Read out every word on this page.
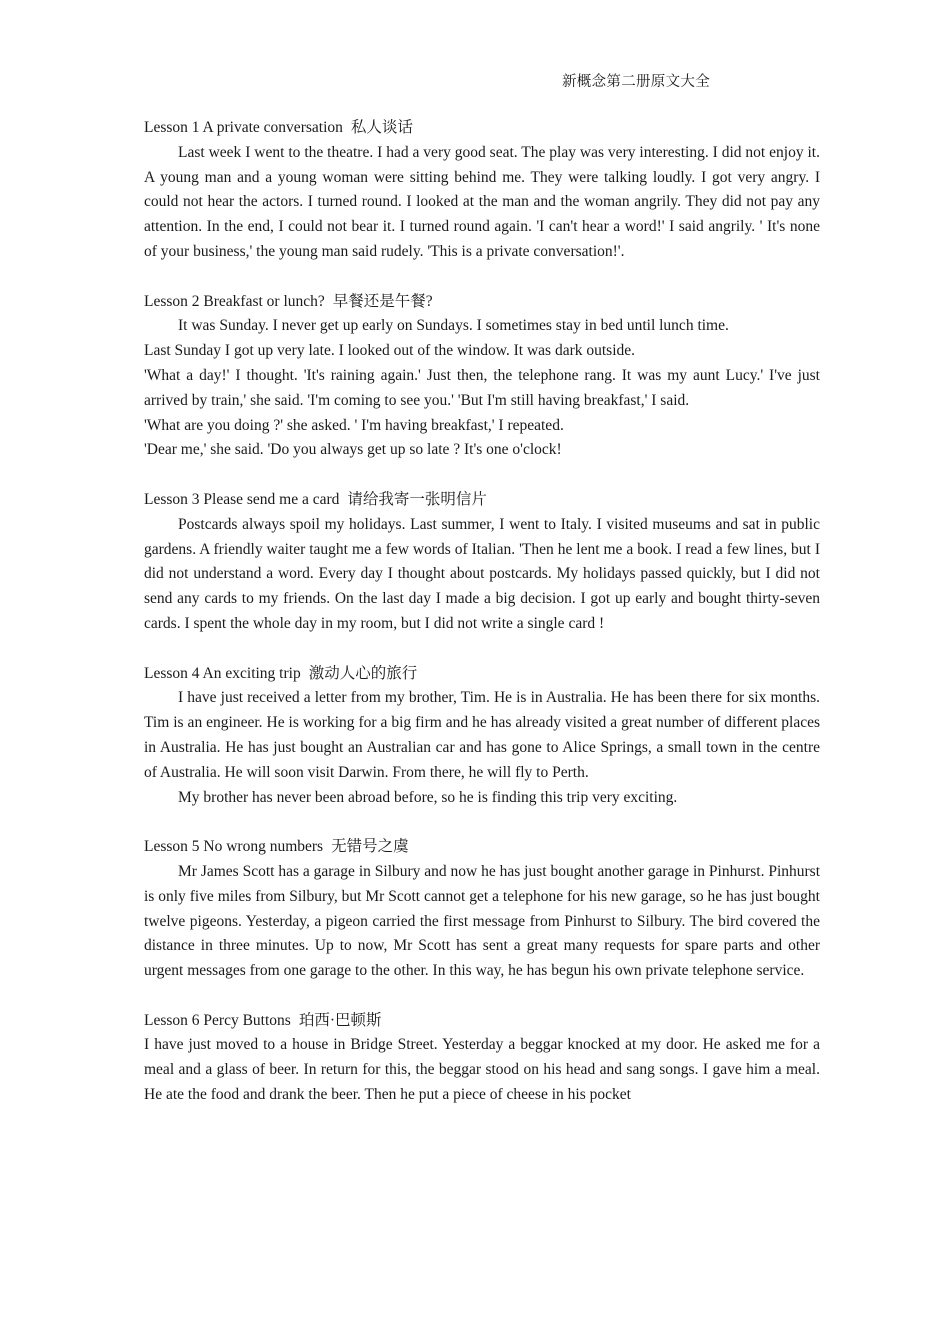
新概念第二册原文大全
Lesson 1 A private conversation 私人谈话

Last week I went to the theatre. I had a very good seat. The play was very interesting. I did not enjoy it. A young man and a young woman were sitting behind me. They were talking loudly. I got very angry. I could not hear the actors. I turned round. I looked at the man and the woman angrily. They did not pay any attention. In the end, I could not bear it. I turned round again. 'I can't hear a word!' I said angrily. ' It's none of your business,' the young man said rudely. 'This is a private conversation!'.

Lesson 2 Breakfast or lunch? 早餐还是午餐?

It was Sunday. I never get up early on Sundays. I sometimes stay in bed until lunch time.

Last Sunday I got up very late. I looked out of the window. It was dark outside.

'What a day!' I thought. 'It's raining again.' Just then, the telephone rang. It was my aunt Lucy.' I've just arrived by train,' she said. 'I'm coming to see you.' 'But I'm still having breakfast,' I said.

'What are you doing ?' she asked. ' I'm having breakfast,' I repeated.

'Dear me,' she said. 'Do you always get up so late ? It's one o'clock!

Lesson 3 Please send me a card 请给我寄一张明信片

Postcards always spoil my holidays. Last summer, I went to Italy. I visited museums and sat in public gardens. A friendly waiter taught me a few words of Italian. 'Then he lent me a book. I read a few lines, but I did not understand a word. Every day I thought about postcards. My holidays passed quickly, but I did not send any cards to my friends. On the last day I made a big decision. I got up early and bought thirty-seven cards. I spent the whole day in my room, but I did not write a single card !

Lesson 4 An exciting trip 激动人心的旅行

I have just received a letter from my brother, Tim. He is in Australia. He has been there for six months. Tim is an engineer. He is working for a big firm and he has already visited a great number of different places in Australia. He has just bought an Australian car and has gone to Alice Springs, a small town in the centre of Australia. He will soon visit Darwin. From there, he will fly to Perth.

My brother has never been abroad before, so he is finding this trip very exciting.

Lesson 5 No wrong numbers 无错号之虞

Mr James Scott has a garage in Silbury and now he has just bought another garage in Pinhurst. Pinhurst is only five miles from Silbury, but Mr Scott cannot get a telephone for his new garage, so he has just bought twelve pigeons. Yesterday, a pigeon carried the first message from Pinhurst to Silbury. The bird covered the distance in three minutes. Up to now, Mr Scott has sent a great many requests for spare parts and other urgent messages from one garage to the other. In this way, he has begun his own private telephone service.

Lesson 6 Percy Buttons 珀西·巴顿斯

I have just moved to a house in Bridge Street. Yesterday a beggar knocked at my door. He asked me for a meal and a glass of beer. In return for this, the beggar stood on his head and sang songs. I gave him a meal. He ate the food and drank the beer. Then he put a piece of cheese in his pocket
